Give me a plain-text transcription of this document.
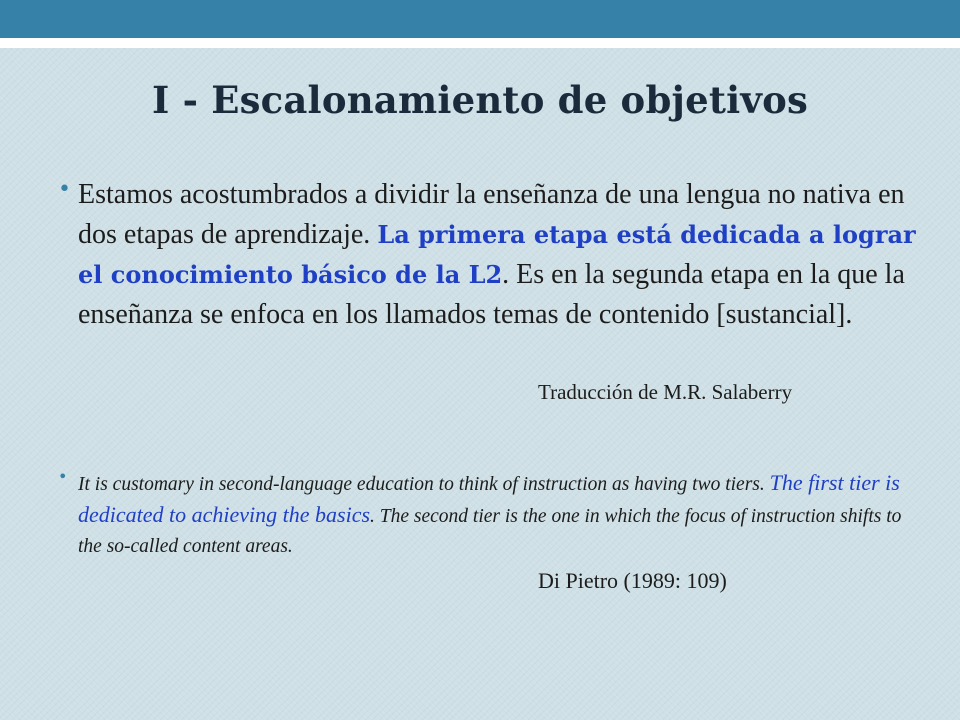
I - Escalonamiento de objetivos
• Estamos acostumbrados a dividir la enseñanza de una lengua no nativa en dos etapas de aprendizaje. La primera etapa está dedicada a lograr el conocimiento básico de la L2. Es en la segunda etapa en la que la enseñanza se enfoca en los llamados temas de contenido [sustancial].
Traducción de M.R. Salaberry
• It is customary in second-language education to think of instruction as having two tiers. The first tier is dedicated to achieving the basics. The second tier is the one in which the focus of instruction shifts to the so-called content areas.
Di Pietro (1989: 109)
